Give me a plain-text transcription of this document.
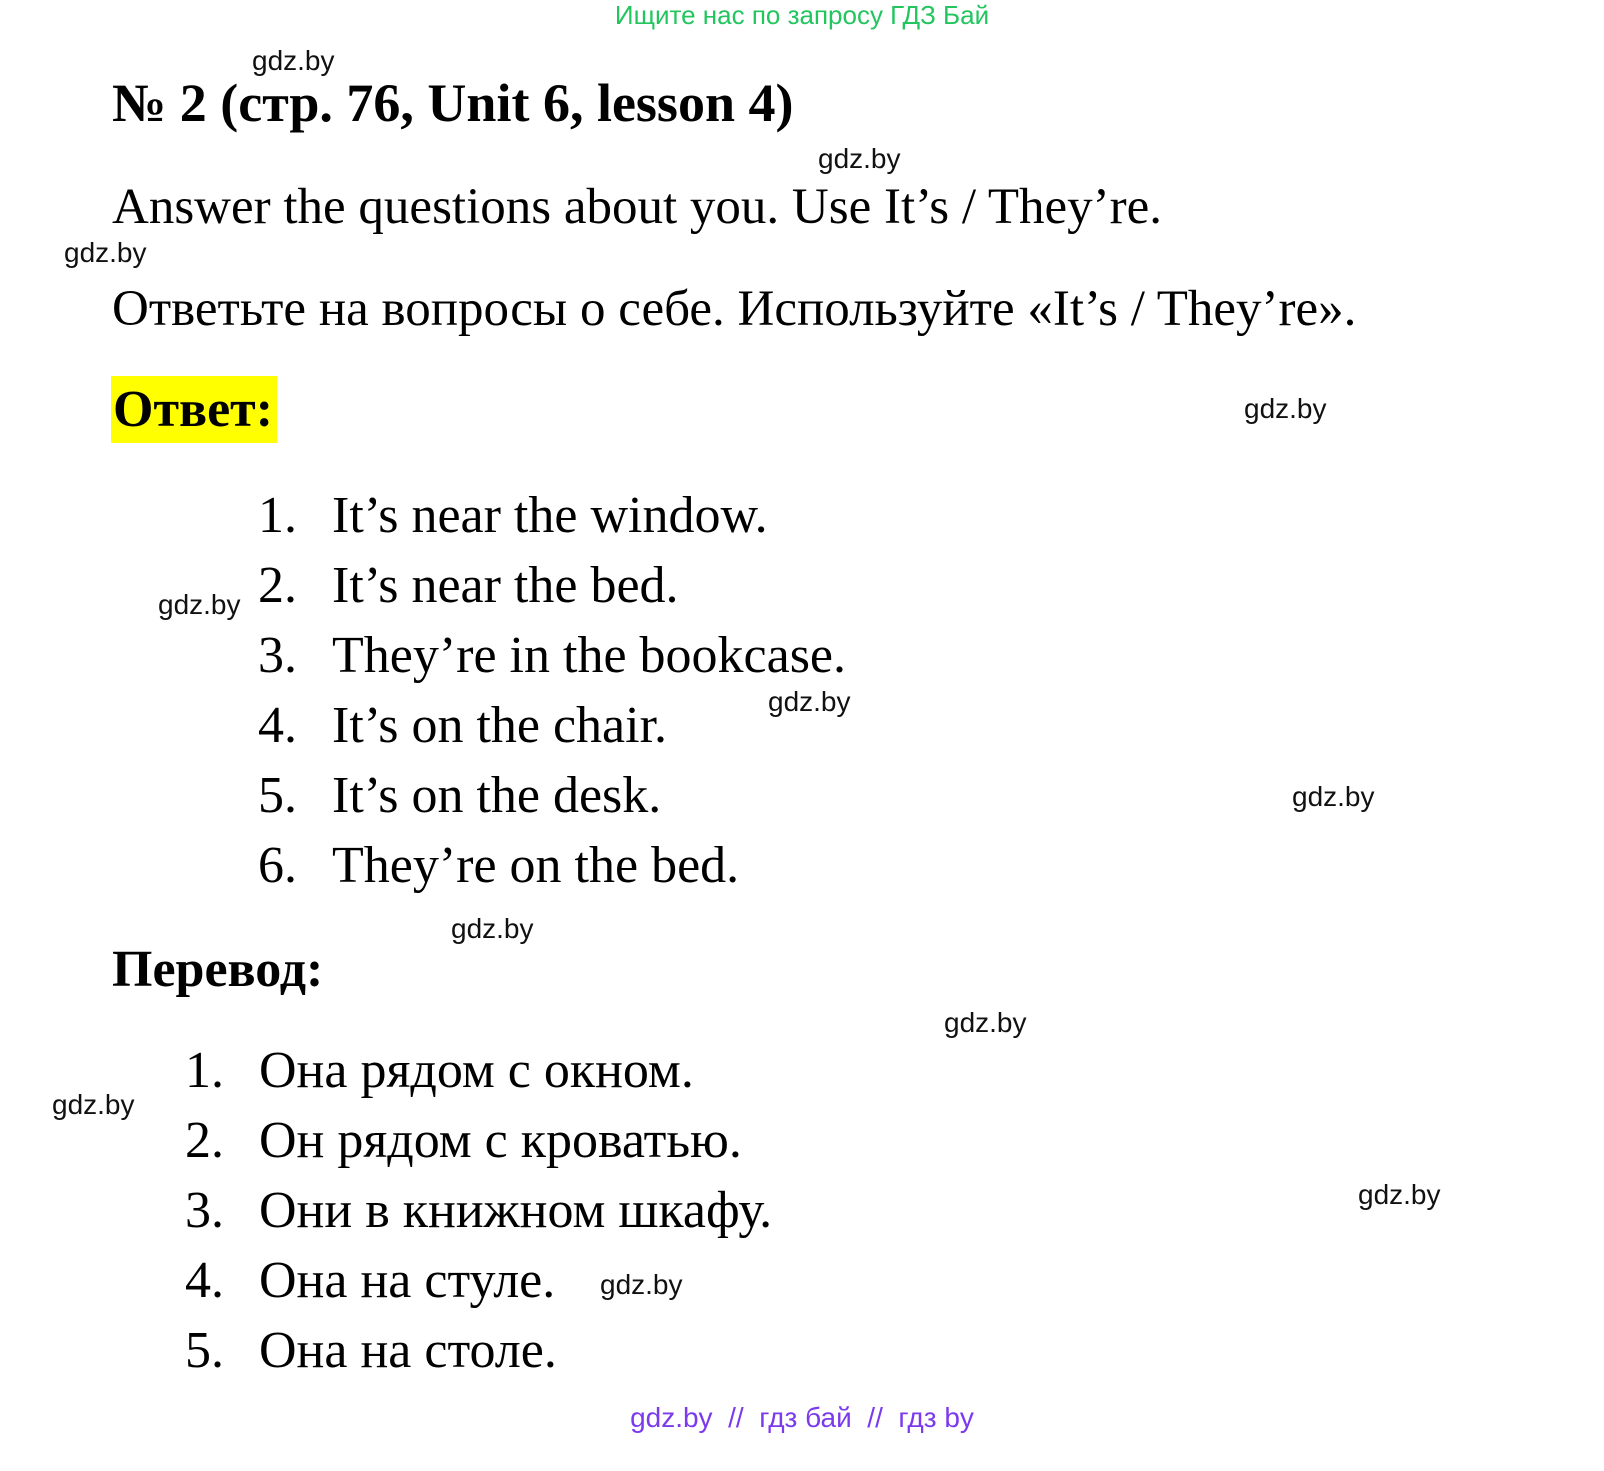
Ищите нас по запросу ГДЗ Бай
gdz.by
gdz.by
gdz.by
gdz.by
gdz.by
gdz.by
gdz.by
gdz.by
gdz.by
gdz.by
gdz.by
gdz.by
№ 2 (стр. 76, Unit 6, lesson 4)
Answer the questions about you. Use It’s / They’re.
Ответьте на вопросы о себе. Используйте «It’s / They’re».
Ответ:
1. It’s near the window.
2. It’s near the bed.
3. They’re in the bookcase.
4. It’s on the chair.
5. It’s on the desk.
6. They’re on the bed.
Перевод:
1. Она рядом с окном.
2. Он рядом с кроватью.
3. Они в книжном шкафу.
4. Она на стуле.
5. Она на столе.
gdz.by  //  гдз бай  //  гдз by
